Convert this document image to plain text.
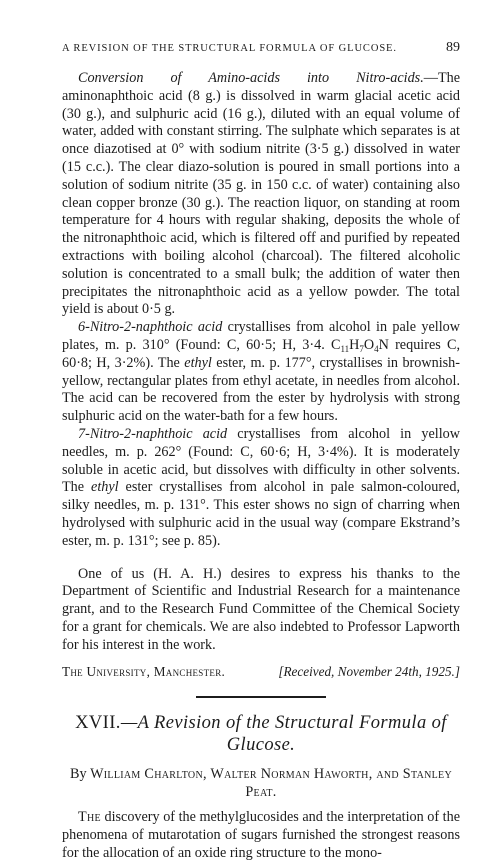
A REVISION OF THE STRUCTURAL FORMULA OF GLUCOSE.	89

Conversion of Amino-acids into Nitro-acids.—The aminonaphthoic acid (8 g.) is dissolved in warm glacial acetic acid (30 g.), and sulphuric acid (16 g.), diluted with an equal volume of water, added with constant stirring. The sulphate which separates is at once diazotised at 0° with sodium nitrite (3·5 g.) dissolved in water (15 c.c.). The clear diazo-solution is poured in small portions into a solution of sodium nitrite (35 g. in 150 c.c. of water) containing also clean copper bronze (30 g.). The reaction liquor, on standing at room temperature for 4 hours with regular shaking, deposits the whole of the nitronaphthoic acid, which is filtered off and purified by repeated extractions with boiling alcohol (charcoal). The filtered alcoholic solution is concentrated to a small bulk; the addition of water then precipitates the nitronaphthoic acid as a yellow powder. The total yield is about 0·5 g.

6-Nitro-2-naphthoic acid crystallises from alcohol in pale yellow plates, m. p. 310° (Found: C, 60·5; H, 3·4. $C_{11}H_7O_4N$ requires C, 60·8; H, 3·2%). The ethyl ester, m. p. 177°, crystallises in brownish-yellow, rectangular plates from ethyl acetate, in needles from alcohol. The acid can be recovered from the ester by hydrolysis with strong sulphuric acid on the water-bath for a few hours.

7-Nitro-2-naphthoic acid crystallises from alcohol in yellow needles, m. p. 262° (Found: C, 60·6; H, 3·4%). It is moderately soluble in acetic acid, but dissolves with difficulty in other solvents. The ethyl ester crystallises from alcohol in pale salmon-coloured, silky needles, m. p. 131°. This ester shows no sign of charring when hydrolysed with sulphuric acid in the usual way (compare Ekstrand’s ester, m. p. 131°; see p. 85).

One of us (H. A. H.) desires to express his thanks to the Department of Scientific and Industrial Research for a maintenance grant, and to the Research Fund Committee of the Chemical Society for a grant for chemicals. We are also indebted to Professor Lapworth for his interest in the work.

The University, Manchester.	[Received, November 24th, 1925.]
XVII.—A Revision of the Structural Formula of Glucose.
By William Charlton, Walter Norman Haworth, and Stanley Peat.

The discovery of the methylglucosides and the interpretation of the phenomena of mutarotation of sugars furnished the strongest reasons for the allocation of an oxide ring structure to the mono-
